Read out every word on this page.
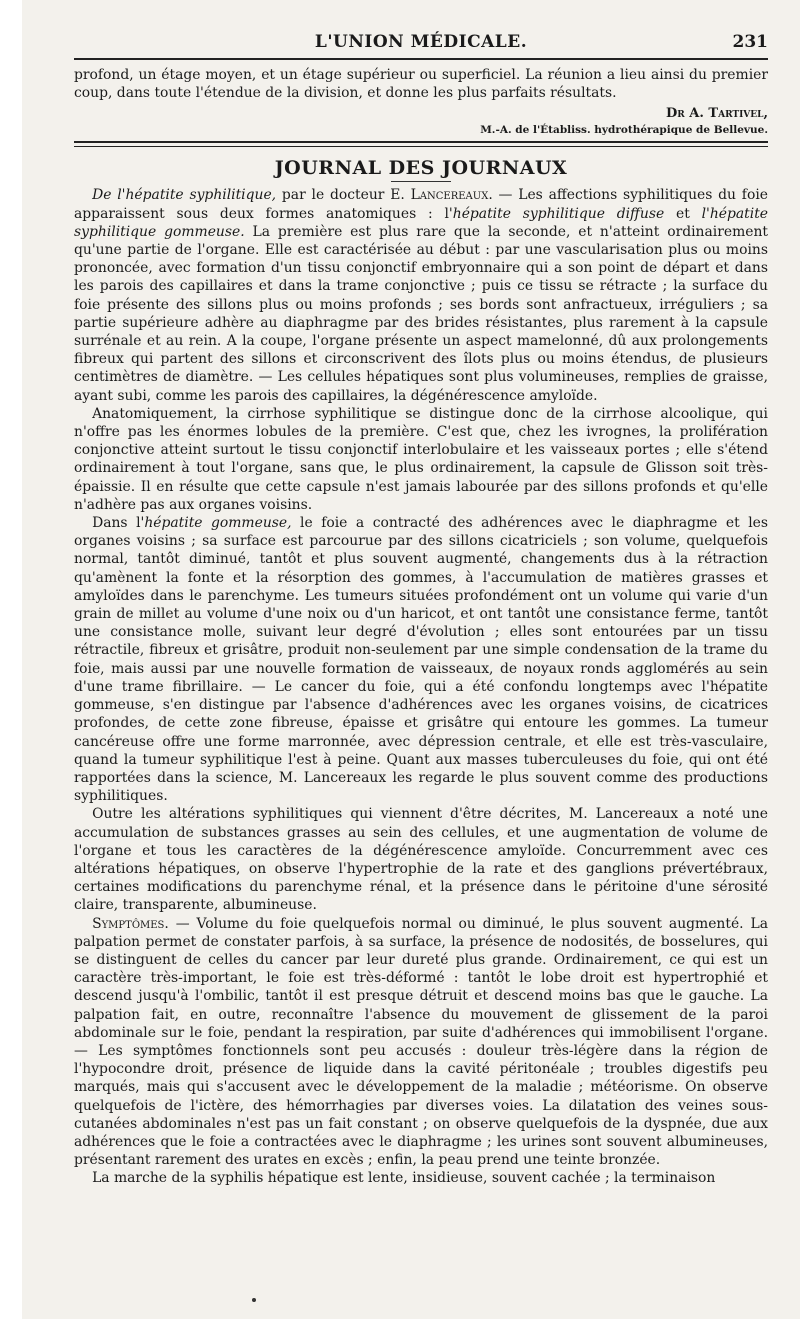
L'UNION MÉDICALE.	231

profond, un étage moyen, et un étage supérieur ou superficiel. La réunion a lieu ainsi du premier coup, dans toute l'étendue de la division, et donne les plus parfaits résultats.

Dr A. Tartivel,
M.-A. de l'Établiss. hydrothérapique de Bellevue.
JOURNAL DES JOURNAUX

De l'hépatite syphilitique, par le docteur E. Lancereaux. — Les affections syphilitiques du foie apparaissent sous deux formes anatomiques : l'hépatite syphilitique diffuse et l'hépatite syphilitique gommeuse. La première est plus rare que la seconde, et n'atteint ordinairement qu'une partie de l'organe. Elle est caractérisée au début : par une vascularisation plus ou moins prononcée, avec formation d'un tissu conjonctif embryonnaire qui a son point de départ et dans les parois des capillaires et dans la trame conjonctive ; puis ce tissu se rétracte ; la surface du foie présente des sillons plus ou moins profonds ; ses bords sont anfractueux, irréguliers ; sa partie supérieure adhère au diaphragme par des brides résistantes, plus rarement à la capsule surrénale et au rein. A la coupe, l'organe présente un aspect mamelonné, dû aux prolongements fibreux qui partent des sillons et circonscrivent des îlots plus ou moins étendus, de plusieurs centimètres de diamètre. — Les cellules hépatiques sont plus volumineuses, remplies de graisse, ayant subi, comme les parois des capillaires, la dégénérescence amyloïde.

Anatomiquement, la cirrhose syphilitique se distingue donc de la cirrhose alcoolique, qui n'offre pas les énormes lobules de la première. C'est que, chez les ivrognes, la prolifération conjonctive atteint surtout le tissu conjonctif interlobulaire et les vaisseaux portes ; elle s'étend ordinairement à tout l'organe, sans que, le plus ordinairement, la capsule de Glisson soit très-épaissie. Il en résulte que cette capsule n'est jamais labourée par des sillons profonds et qu'elle n'adhère pas aux organes voisins.

Dans l'hépatite gommeuse, le foie a contracté des adhérences avec le diaphragme et les organes voisins ; sa surface est parcourue par des sillons cicatriciels ; son volume, quelquefois normal, tantôt diminué, tantôt et plus souvent augmenté, changements dus à la rétraction qu'amènent la fonte et la résorption des gommes, à l'accumulation de matières grasses et amyloïdes dans le parenchyme. Les tumeurs situées profondément ont un volume qui varie d'un grain de millet au volume d'une noix ou d'un haricot, et ont tantôt une consistance ferme, tantôt une consistance molle, suivant leur degré d'évolution ; elles sont entourées par un tissu rétractile, fibreux et grisâtre, produit non-seulement par une simple condensation de la trame du foie, mais aussi par une nouvelle formation de vaisseaux, de noyaux ronds agglomérés au sein d'une trame fibrillaire. — Le cancer du foie, qui a été confondu longtemps avec l'hépatite gommeuse, s'en distingue par l'absence d'adhérences avec les organes voisins, de cicatrices profondes, de cette zone fibreuse, épaisse et grisâtre qui entoure les gommes. La tumeur cancéreuse offre une forme marronnée, avec dépression centrale, et elle est très-vasculaire, quand la tumeur syphilitique l'est à peine. Quant aux masses tuberculeuses du foie, qui ont été rapportées dans la science, M. Lancereaux les regarde le plus souvent comme des productions syphilitiques.

Outre les altérations syphilitiques qui viennent d'être décrites, M. Lancereaux a noté une accumulation de substances grasses au sein des cellules, et une augmentation de volume de l'organe et tous les caractères de la dégénérescence amyloïde. Concurremment avec ces altérations hépatiques, on observe l'hypertrophie de la rate et des ganglions prévertébraux, certaines modifications du parenchyme rénal, et la présence dans le péritoine d'une sérosité claire, transparente, albumineuse.

Symptômes. — Volume du foie quelquefois normal ou diminué, le plus souvent augmenté. La palpation permet de constater parfois, à sa surface, la présence de nodosités, de bosselures, qui se distinguent de celles du cancer par leur dureté plus grande. Ordinairement, ce qui est un caractère très-important, le foie est très-déformé : tantôt le lobe droit est hypertrophié et descend jusqu'à l'ombilic, tantôt il est presque détruit et descend moins bas que le gauche. La palpation fait, en outre, reconnaître l'absence du mouvement de glissement de la paroi abdominale sur le foie, pendant la respiration, par suite d'adhérences qui immobilisent l'organe. — Les symptômes fonctionnels sont peu accusés : douleur très-légère dans la région de l'hypocondre droit, présence de liquide dans la cavité péritonéale ; troubles digestifs peu marqués, mais qui s'accusent avec le développement de la maladie ; météorisme. On observe quelquefois de l'ictère, des hémorrhagies par diverses voies. La dilatation des veines sous-cutanées abdominales n'est pas un fait constant ; on observe quelquefois de la dyspnée, due aux adhérences que le foie a contractées avec le diaphragme ; les urines sont souvent albumineuses, présentant rarement des urates en excès ; enfin, la peau prend une teinte bronzée.

La marche de la syphilis hépatique est lente, insidieuse, souvent cachée ; la terminaison
